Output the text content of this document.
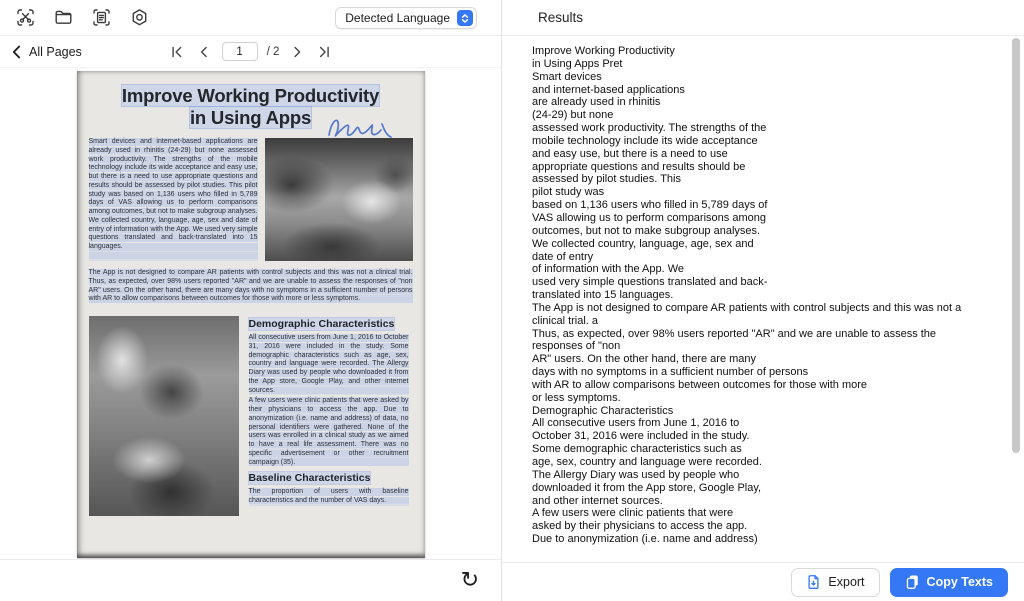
Detected Language
All Pages
1	/ 2
Improve Working Productivity
in Using Apps

Smart devices and internet-based applications are already used in rhinitis (24-29) but none assessed work productivity. The strengths of the mobile technology include its wide acceptance and easy use, but there is a need to use appropriate questions and results should be assessed by pilot studies. This pilot study was based on 1,136 users who filled in 5,789 days of VAS allowing us to perform comparisons among outcomes, but not to make subgroup analyses. We collected country, language, age, sex and date of entry of information with the App. We used very simple questions translated and back-translated into 15 languages.

The App is not designed to compare AR patients with control subjects and this was not a clinical trial. Thus, as expected, over 98% users reported "AR" and we are unable to assess the responses of "non AR" users. On the other hand, there are many days with no symptoms in a sufficient number of persons with AR to allow comparisons between outcomes for those with more or less symptoms.

Demographic Characteristics

All consecutive users from June 1, 2016 to October 31, 2016 were included in the study. Some demographic characteristics such as age, sex, country and language were recorded. The Allergy Diary was used by people who downloaded it from the App store, Google Play, and other internet sources.

A few users were clinic patients that were asked by their physicians to access the app. Due to anonymization (i.e. name and address) of data, no personal identifiers were gathered. None of the users was enrolled in a clinical study as we aimed to have a real life assessment. There was no specific advertisement or other recruitment campaign (35).

Baseline Characteristics

The proportion of users with baseline characteristics and the number of VAS days.

↻
Results
Improve Working Productivity
in Using Apps Pret
Smart devices
and internet-based applications
are already used in rhinitis
(24-29) but none
assessed work productivity. The strengths of the
mobile technology include its wide acceptance
and easy use, but there is a need to use
appropriate questions and results should be
assessed by pilot studies. This
pilot study was
based on 1,136 users who filled in 5,789 days of
VAS allowing us to perform comparisons among
outcomes, but not to make subgroup analyses.
We collected country, language, age, sex and
date of entry
of information with the App. We
used very simple questions translated and back-
translated into 15 languages.
The App is not designed to compare AR patients with control subjects and this was not a
clinical trial. a
Thus, as expected, over 98% users reported "AR" and we are unable to assess the
responses of "non
AR" users. On the other hand, there are many
days with no symptoms in a sufficient number of persons
with AR to allow comparisons between outcomes for those with more
or less symptoms.
Demographic Characteristics
All consecutive users from June 1, 2016 to
October 31, 2016 were included in the study.
Some demographic characteristics such as
age, sex, country and language were recorded.
The Allergy Diary was used by people who
downloaded it from the App store, Google Play,
and other internet sources.
A few users were clinic patients that were
asked by their physicians to access the app.
Due to anonymization (i.e. name and address)
Export	Copy Texts
